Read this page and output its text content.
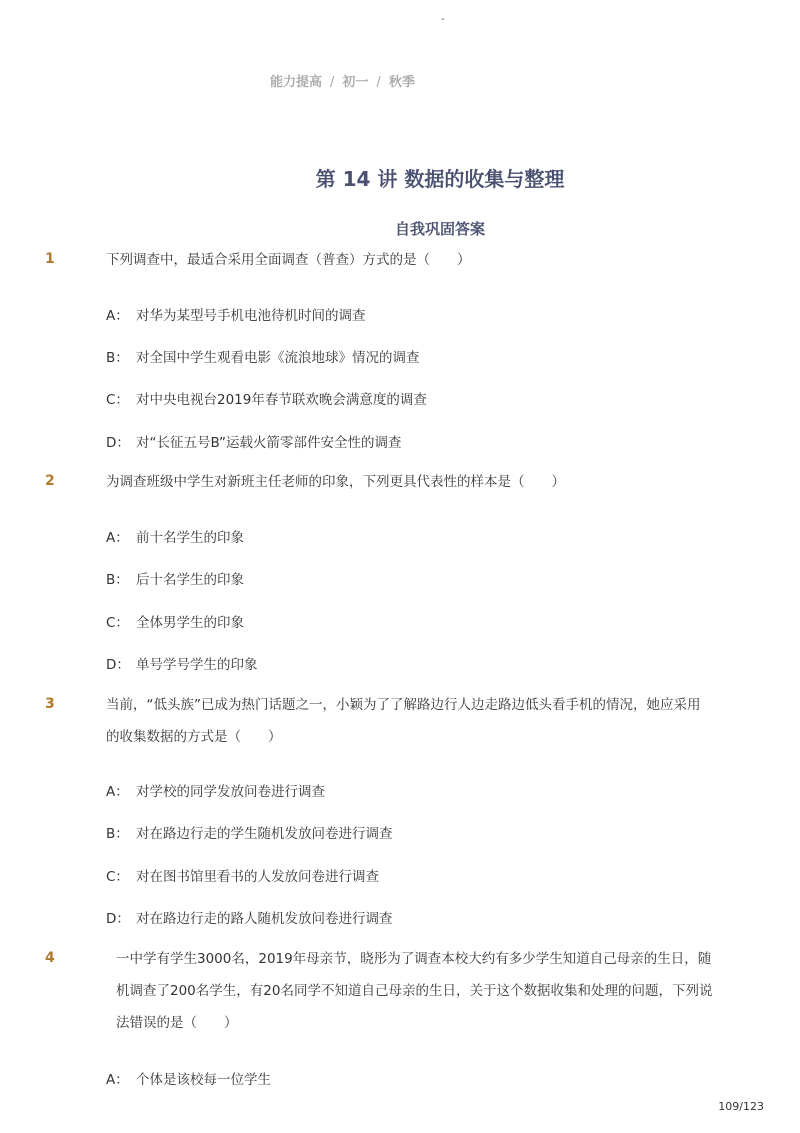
-
能力提高 / 初一 / 秋季
第 14 讲 数据的收集与整理
自我巩固答案
1	下列调查中，最适合采用全面调查（普查）方式的是（　　）
A： 对华为某型号手机电池待机时间的调查
B： 对全国中学生观看电影《流浪地球》情况的调查
C： 对中央电视台2019年春节联欢晚会满意度的调查
D： 对“长征五号B”运载火箭零部件安全性的调查
2	为调查班级中学生对新班主任老师的印象，下列更具代表性的样本是（　　）
A： 前十名学生的印象
B： 后十名学生的印象
C： 全体男学生的印象
D： 单号学号学生的印象
3	当前，“低头族”已成为热门话题之一，小颖为了了解路边行人边走路边低头看手机的情况，她应采用的收集数据的方式是（　　）
A： 对学校的同学发放问卷进行调查
B： 对在路边行走的学生随机发放问卷进行调查
C： 对在图书馆里看书的人发放问卷进行调查
D： 对在路边行走的路人随机发放问卷进行调查
4	一中学有学生3000名，2019年母亲节，晓彤为了调查本校大约有多少学生知道自己母亲的生日，随机调查了200名学生，有20名同学不知道自己母亲的生日，关于这个数据收集和处理的问题，下列说法错误的是（　　）
A： 个体是该校每一位学生
109/123
